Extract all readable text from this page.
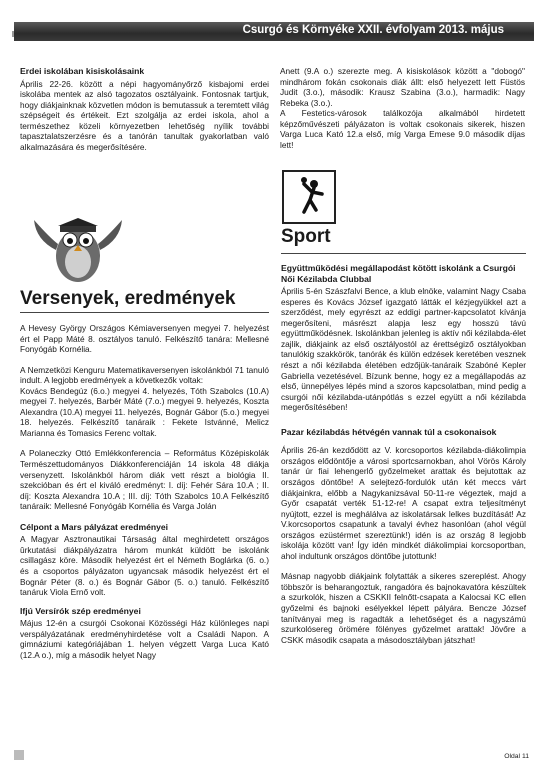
Csurgó és Környéke XXII. évfolyam 2013. május

Erdei iskolában kisiskolásaink

Április 22-26. között a népi hagyományőrző kisbajomi erdei iskolába mentek az alsó tagozatos osztályaink. Fontosnak tartjuk, hogy diákjainknak közvetlen módon is bemutassuk a teremtett világ szépségeit és értékeit. Ezt szolgálja az erdei iskola, ahol a természethez közeli környezetben lehetőség nyílik további tapasztalatszerzésre és a tanórán tanultak gyakorlatban való alkalmazására és megerősítésére.

Versenyek, eredmények

A Hevesy György Országos Kémiaversenyen megyei 7. helyezést ért el Papp Máté 8. osztályos tanuló. Felkészítő tanára: Mellesné Fonyógáb Kornélia.

A Nemzetközi Kenguru Matematikaversenyen iskolánkból 71 tanuló indult. A legjobb eredmények a következők voltak:

Kovács Bendegúz (6.o.) megyei 4. helyezés, Tóth Szabolcs (10.A) megyei 7. helyezés, Barbér Máté (7.o.) megyei 9. helyezés, Koszta Alexandra (10.A) megyei 11. helyezés, Bognár Gábor (5.o.) megyei 18. helyezés. Felkészítő tanáraik : Fekete Istvánné, Melicz Marianna és Tomasics Ferenc voltak.

A Polaneczky Ottó Emlékkonferencia – Református Középiskolák Természettudományos Diákkonferenciáján 14 iskola 48 diákja versenyzett. Iskolánkból három diák vett részt a biológia II. szekcióban és ért el kiváló eredményt: I. díj: Fehér Sára 10.A ; II. díj: Koszta Alexandra 10.A ; III. díj: Tóth Szabolcs 10.A Felkészítő tanáraik: Mellesné Fonyógáb Kornélia és Varga Jolán

Célpont a Mars pályázat eredményei

A Magyar Asztronautikai Társaság által meghirdetett országos ûrkutatási diákpályázatra három munkát küldött be iskolánk csillagász köre. Második helyezést ért el Németh Boglárka (6. o.) és a csoportos pályázaton ugyancsak második helyezést ért el Bognár Péter (8. o.) és Bognár Gábor (5. o.) tanuló. Felkészítő tanáruk Viola Ernő volt.

Ifjú Versírók szép eredményei

Május 12-én a csurgói Csokonai Közösségi Ház különleges napi verspályázatának eredményhirdetése volt a Családi Napon. A gimnáziumi kategóriájában 1. helyen végzett Varga Luca Kató (12.A o.), míg a második helyet Nagy

Anett (9.A o.) szerezte meg. A kisiskolások között a "dobogó" mindhárom fokán csokonais diák állt: első helyezett lett Füstös Judit (3.o.), második: Krausz Szabina (3.o.), harmadik: Nagy Rebeka (3.o.).

A Festetics-városok találkozója alkalmából hirdetett képzőművészeti pályázaton is voltak csokonais sikerek, hiszen Varga Luca Kató 12.a első, míg Varga Emese 9.0 második díjas lett!

Sport

Együttműködési megállapodást kötött iskolánk a Csurgói Női Kézilabda Clubbal

Április 5-én Szászfalvi Bence, a klub elnöke, valamint Nagy Csaba esperes és Kovács József igazgató látták el kézjegyükkel azt a szerződést, mely egyrészt az eddigi partner-kapcsolatot kívánja megerősíteni, másrészt alapja lesz egy hosszú távú együttműködésnek. Iskolánkban jelenleg is aktív női kézilabda-élet zajlik, diákjaink az első osztályostól az érettségiző osztályokban tanulókig szakkörök, tanórák és külön edzések keretében vesznek részt a női kézilabda életében edzőjük-tanáraik Szabóné Kepler Gabriella vezetésével. Bízunk benne, hogy ez a megállapodás az első, ünnepélyes lépés mind a szoros kapcsolatban, mind pedig a csurgói női kézilabda-utánpótlás s ezzel együtt a női kézilabda megerősítésében!

Pazar kézilabdás hétvégén vannak túl a csokonaisok

Április 26-án kezdődött az V. korcsoportos kézilabda-diákolimpia országos elődöntője a városi sportcsarnokban, ahol Vörös Károly tanár úr fiai lehengerlő győzelmeket arattak és bejutottak az országos döntőbe! A selejtező-fordulók után két meccs várt diákjainkra, előbb a Nagykanizsával 50-11-re végeztek, majd a Győr csapatát verték 51-12-re! A csapat extra teljesítményt nyújtott, ezzel is meghálálva az iskolatársak lelkes buzdítását! Az V.korcsoportos csapatunk a tavalyi évhez hasonlóan (ahol végül országos ezüstérmet szereztünk!) idén is az ország 8 legjobb iskolája között van! Így idén mindkét diákolimpiai korcsoportban, ahol indultunk országos döntőbe jutottunk!

Másnap nagyobb diákjaink folytatták a sikeres szereplést. Ahogy többször is beharangoztuk, rangadóra és bajnokavatóra készültek a szurkolók, hiszen a CSKKII felnőtt-csapata a Kalocsai KC ellen győzelmi és bajnoki esélyekkel lépett pályára. Bencze József tanítványai meg is ragadták a lehetőséget és a nagyszámú szurkolósereg örömére fölényes győzelmet arattak! Jövőre a CSKK második csapata a másodosztályban játszhat!

Oldal 11
